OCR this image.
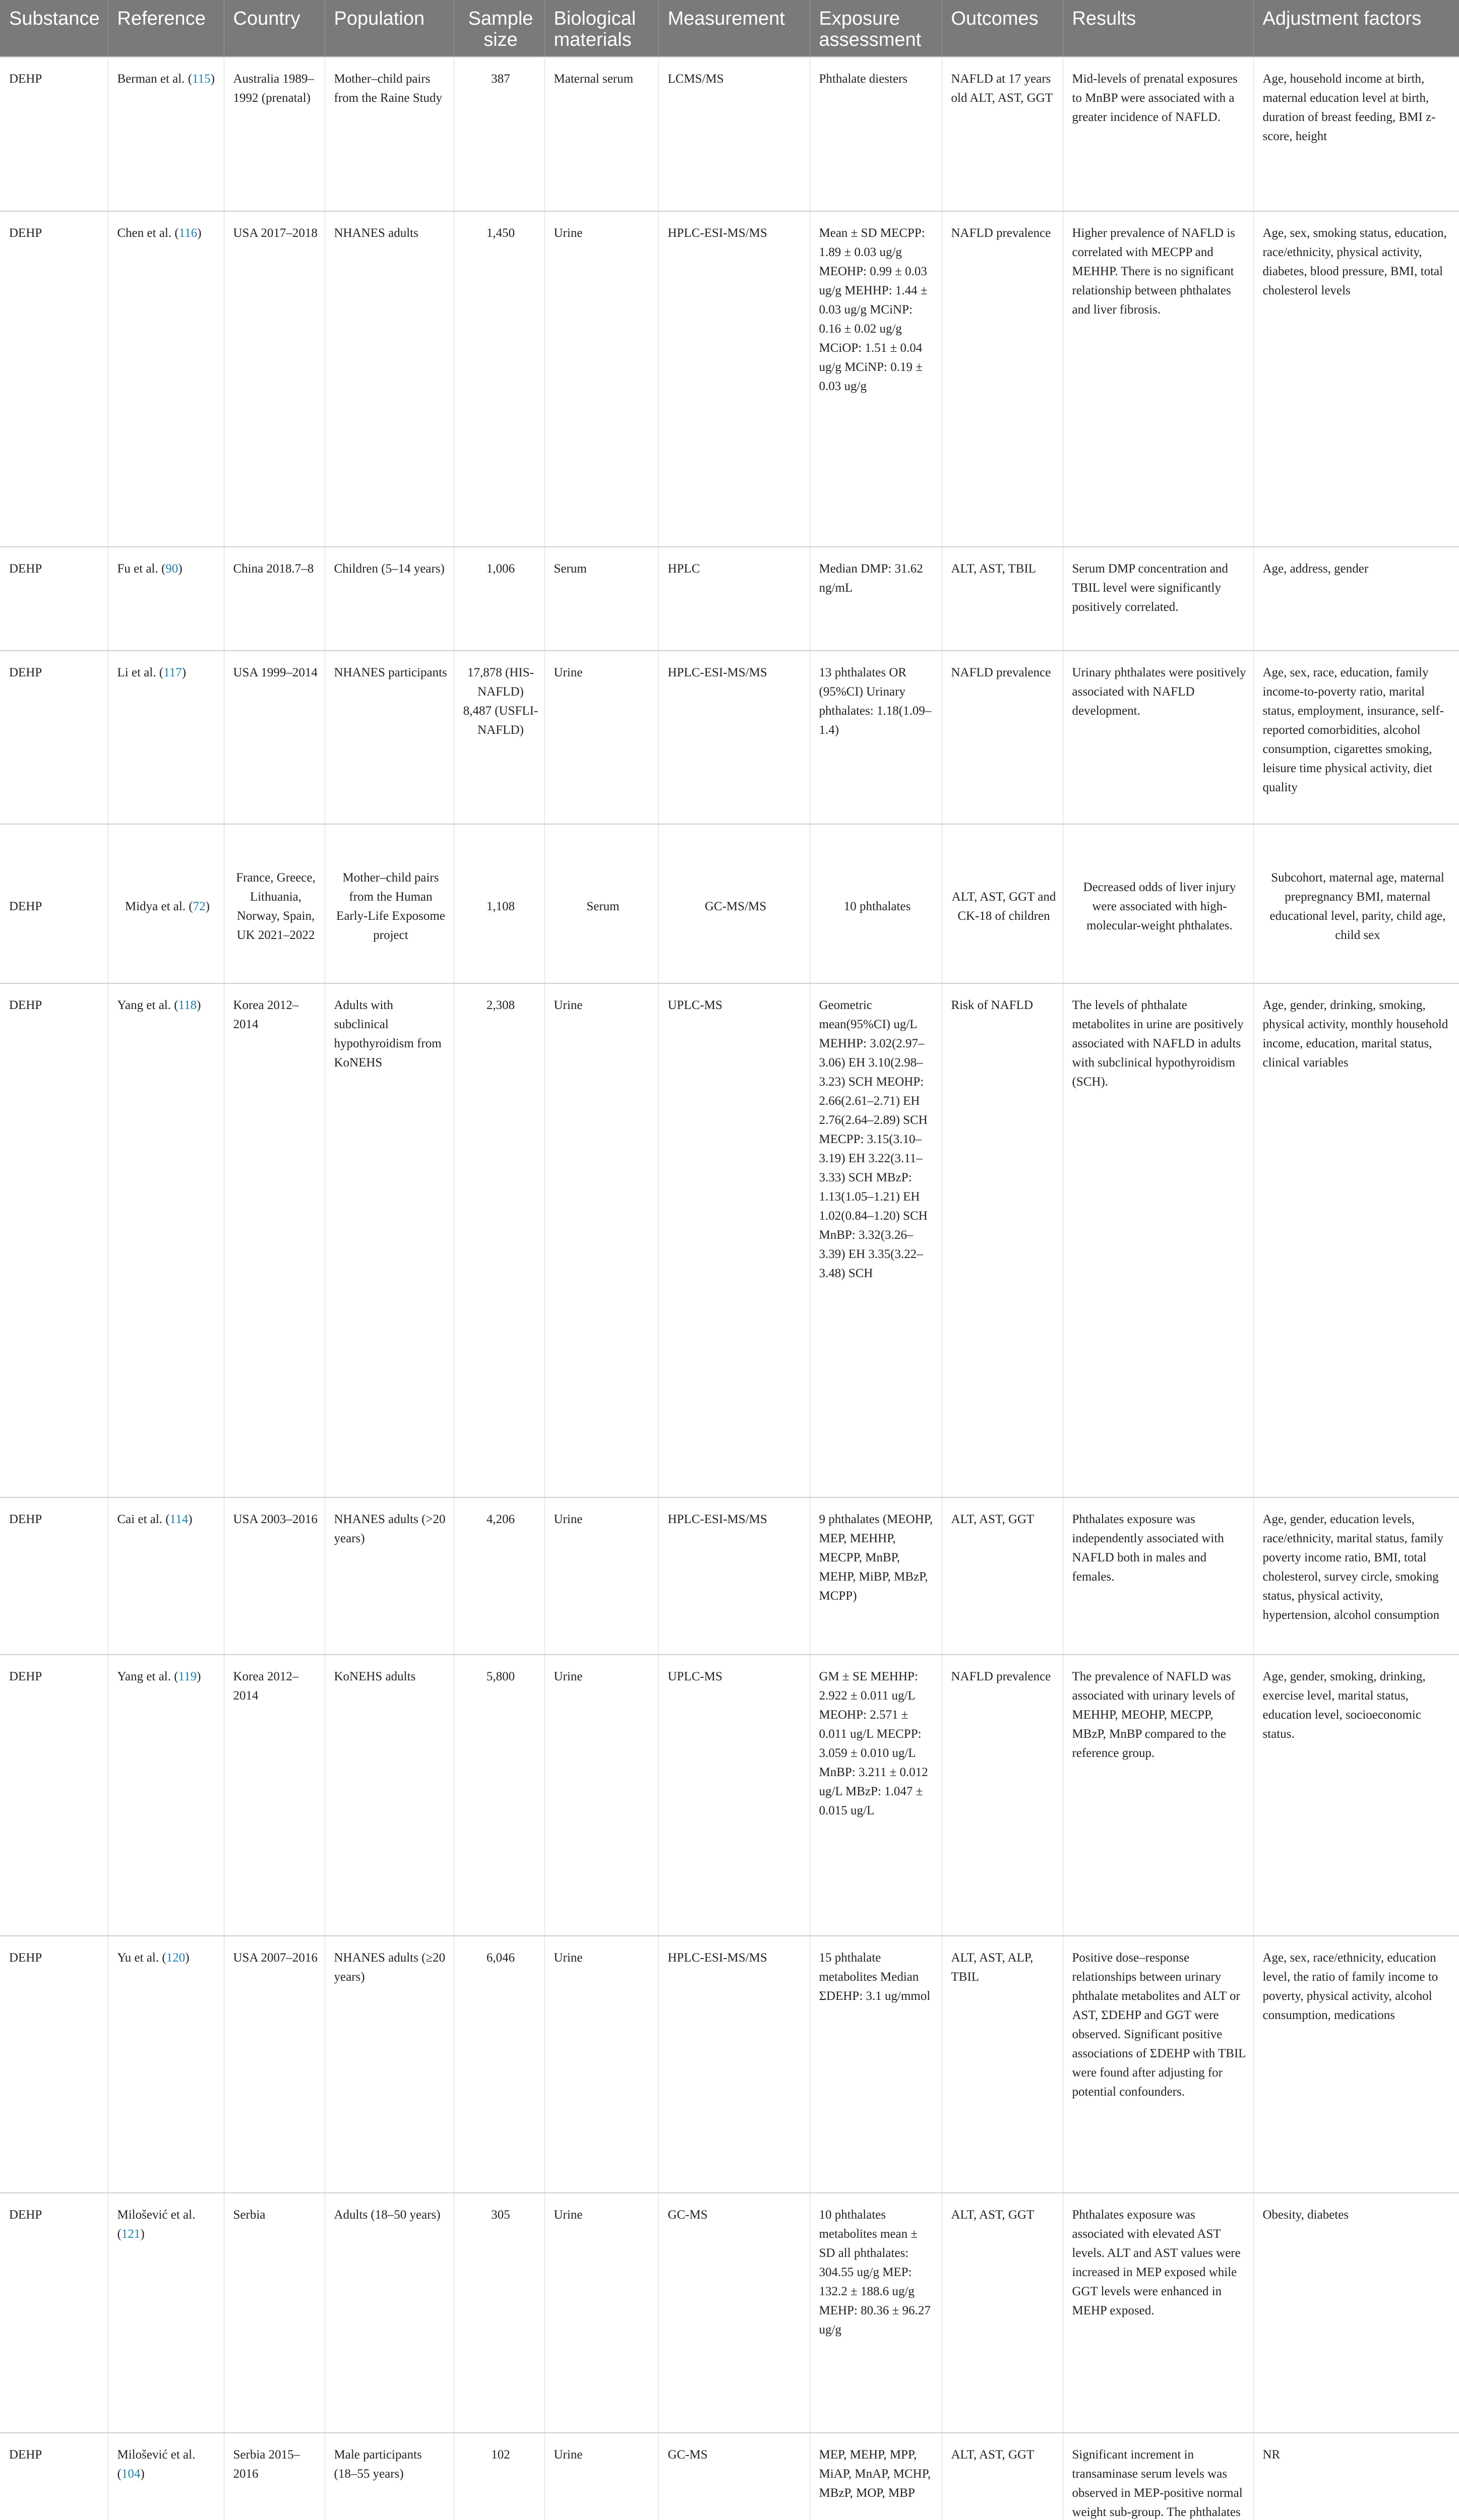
Substance	Reference	Country	Population	Sample size	Biological materials	Measurement	Exposure assessment	Outcomes	Results	Adjustment factors
DEHP	Berman et al. (115)	Australia 1989–1992 (prenatal)	Mother–child pairs from the Raine Study	387	Maternal serum	LCMS/MS	Phthalate diesters	NAFLD at 17 years old ALT, AST, GGT	Mid-levels of prenatal exposures to MnBP were associated with a greater incidence of NAFLD.	Age, household income at birth, maternal education level at birth, duration of breast feeding, BMI z-score, height
DEHP	Chen et al. (116)	USA 2017–2018	NHANES adults	1,450	Urine	HPLC-ESI-MS/MS	Mean ± SD MECPP: 1.89 ± 0.03 ug/g MEOHP: 0.99 ± 0.03 ug/g MEHHP: 1.44 ± 0.03 ug/g MCiNP: 0.16 ± 0.02 ug/g MCiOP: 1.51 ± 0.04 ug/g MCiNP: 0.19 ± 0.03 ug/g	NAFLD prevalence	Higher prevalence of NAFLD is correlated with MECPP and MEHHP. There is no significant relationship between phthalates and liver fibrosis.	Age, sex, smoking status, education, race/ethnicity, physical activity, diabetes, blood pressure, BMI, total cholesterol levels
DEHP	Fu et al. (90)	China 2018.7–8	Children (5–14 years)	1,006	Serum	HPLC	Median DMP: 31.62 ng/mL	ALT, AST, TBIL	Serum DMP concentration and TBIL level were significantly positively correlated.	Age, address, gender
DEHP	Li et al. (117)	USA 1999–2014	NHANES participants	17,878 (HIS-NAFLD) 8,487 (USFLI-NAFLD)	Urine	HPLC-ESI-MS/MS	13 phthalates OR (95%CI) Urinary phthalates: 1.18(1.09–1.4)	NAFLD prevalence	Urinary phthalates were positively associated with NAFLD development.	Age, sex, race, education, family income-to-poverty ratio, marital status, employment, insurance, self-reported comorbidities, alcohol consumption, cigarettes smoking, leisure time physical activity, diet quality
DEHP	Midya et al. (72)	France, Greece, Lithuania, Norway, Spain, UK 2021–2022	Mother–child pairs from the Human Early-Life Exposome project	1,108	Serum	GC-MS/MS	10 phthalates	ALT, AST, GGT and CK-18 of children	Decreased odds of liver injury were associated with high-molecular-weight phthalates.	Subcohort, maternal age, maternal prepregnancy BMI, maternal educational level, parity, child age, child sex
DEHP	Yang et al. (118)	Korea 2012–2014	Adults with subclinical hypothyroidism from KoNEHS	2,308	Urine	UPLC-MS	Geometric mean(95%CI) ug/L MEHHP: 3.02(2.97–3.06) EH 3.10(2.98–3.23) SCH MEOHP: 2.66(2.61–2.71) EH 2.76(2.64–2.89) SCH MECPP: 3.15(3.10–3.19) EH 3.22(3.11–3.33) SCH MBzP: 1.13(1.05–1.21) EH 1.02(0.84–1.20) SCH MnBP: 3.32(3.26–3.39) EH 3.35(3.22–3.48) SCH	Risk of NAFLD	The levels of phthalate metabolites in urine are positively associated with NAFLD in adults with subclinical hypothyroidism (SCH).	Age, gender, drinking, smoking, physical activity, monthly household income, education, marital status, clinical variables
DEHP	Cai et al. (114)	USA 2003–2016	NHANES adults (>20 years)	4,206	Urine	HPLC-ESI-MS/MS	9 phthalates (MEOHP, MEP, MEHHP, MECPP, MnBP, MEHP, MiBP, MBzP, MCPP)	ALT, AST, GGT	Phthalates exposure was independently associated with NAFLD both in males and females.	Age, gender, education levels, race/ethnicity, marital status, family poverty income ratio, BMI, total cholesterol, survey circle, smoking status, physical activity, hypertension, alcohol consumption
DEHP	Yang et al. (119)	Korea 2012–2014	KoNEHS adults	5,800	Urine	UPLC-MS	GM ± SE MEHHP: 2.922 ± 0.011 ug/L MEOHP: 2.571 ± 0.011 ug/L MECPP: 3.059 ± 0.010 ug/L MnBP: 3.211 ± 0.012 ug/L MBzP: 1.047 ± 0.015 ug/L	NAFLD prevalence	The prevalence of NAFLD was associated with urinary levels of MEHHP, MEOHP, MECPP, MBzP, MnBP compared to the reference group.	Age, gender, smoking, drinking, exercise level, marital status, education level, socioeconomic status.
DEHP	Yu et al. (120)	USA 2007–2016	NHANES adults (≥20 years)	6,046	Urine	HPLC-ESI-MS/MS	15 phthalate metabolites Median ΣDEHP: 3.1 ug/mmol	ALT, AST, ALP, TBIL	Positive dose–response relationships between urinary phthalate metabolites and ALT or AST, ΣDEHP and GGT were observed. Significant positive associations of ΣDEHP with TBIL were found after adjusting for potential confounders.	Age, sex, race/ethnicity, education level, the ratio of family income to poverty, physical activity, alcohol consumption, medications
DEHP	Milošević et al. (121)	Serbia	Adults (18–50 years)	305	Urine	GC-MS	10 phthalates metabolites mean ± SD all phthalates: 304.55 ug/g MEP: 132.2 ± 188.6 ug/g MEHP: 80.36 ± 96.27 ug/g	ALT, AST, GGT	Phthalates exposure was associated with elevated AST levels. ALT and AST values were increased in MEP exposed while GGT levels were enhanced in MEHP exposed.	Obesity, diabetes
DEHP	Milošević et al. (104)	Serbia 2015–2016	Male participants (18–55 years)	102	Urine	GC-MS	MEP, MEHP, MPP, MiAP, MnAP, MCHP, MBzP, MOP, MBP	ALT, AST, GGT	Significant increment in transaminase serum levels was observed in MEP-positive normal weight sub-group. The phthalates	NR
